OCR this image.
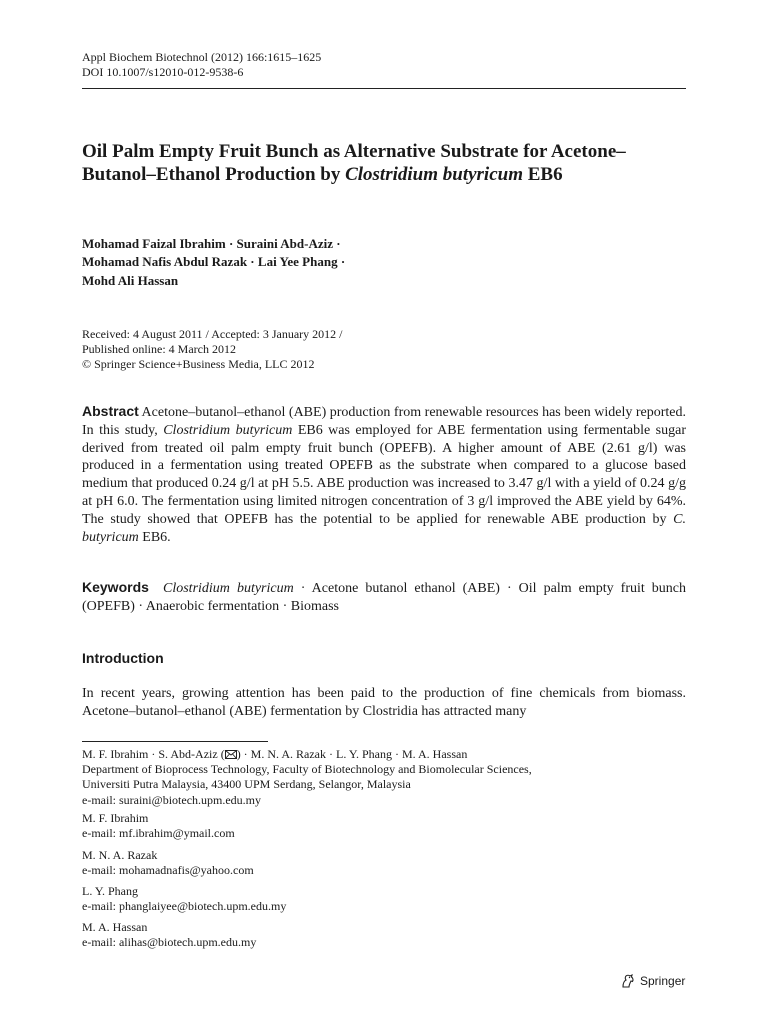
Appl Biochem Biotechnol (2012) 166:1615–1625
DOI 10.1007/s12010-012-9538-6
Oil Palm Empty Fruit Bunch as Alternative Substrate for Acetone–Butanol–Ethanol Production by Clostridium butyricum EB6
Mohamad Faizal Ibrahim · Suraini Abd-Aziz ·
Mohamad Nafis Abdul Razak · Lai Yee Phang ·
Mohd Ali Hassan
Received: 4 August 2011 / Accepted: 3 January 2012 /
Published online: 4 March 2012
© Springer Science+Business Media, LLC 2012
Abstract Acetone–butanol–ethanol (ABE) production from renewable resources has been widely reported. In this study, Clostridium butyricum EB6 was employed for ABE fermentation using fermentable sugar derived from treated oil palm empty fruit bunch (OPEFB). A higher amount of ABE (2.61 g/l) was produced in a fermentation using treated OPEFB as the substrate when compared to a glucose based medium that produced 0.24 g/l at pH 5.5. ABE production was increased to 3.47 g/l with a yield of 0.24 g/g at pH 6.0. The fermentation using limited nitrogen concentration of 3 g/l improved the ABE yield by 64%. The study showed that OPEFB has the potential to be applied for renewable ABE production by C. butyricum EB6.
Keywords Clostridium butyricum · Acetone butanol ethanol (ABE) · Oil palm empty fruit bunch (OPEFB) · Anaerobic fermentation · Biomass
Introduction
In recent years, growing attention has been paid to the production of fine chemicals from biomass. Acetone–butanol–ethanol (ABE) fermentation by Clostridia has attracted many
M. F. Ibrahim · S. Abd-Aziz ( ) · M. N. A. Razak · L. Y. Phang · M. A. Hassan
Department of Bioprocess Technology, Faculty of Biotechnology and Biomolecular Sciences,
Universiti Putra Malaysia, 43400 UPM Serdang, Selangor, Malaysia
e-mail: suraini@biotech.upm.edu.my
M. F. Ibrahim
e-mail: mf.ibrahim@ymail.com
M. N. A. Razak
e-mail: mohamadnafis@yahoo.com
L. Y. Phang
e-mail: phanglaiyee@biotech.upm.edu.my
M. A. Hassan
e-mail: alihas@biotech.upm.edu.my
Springer
